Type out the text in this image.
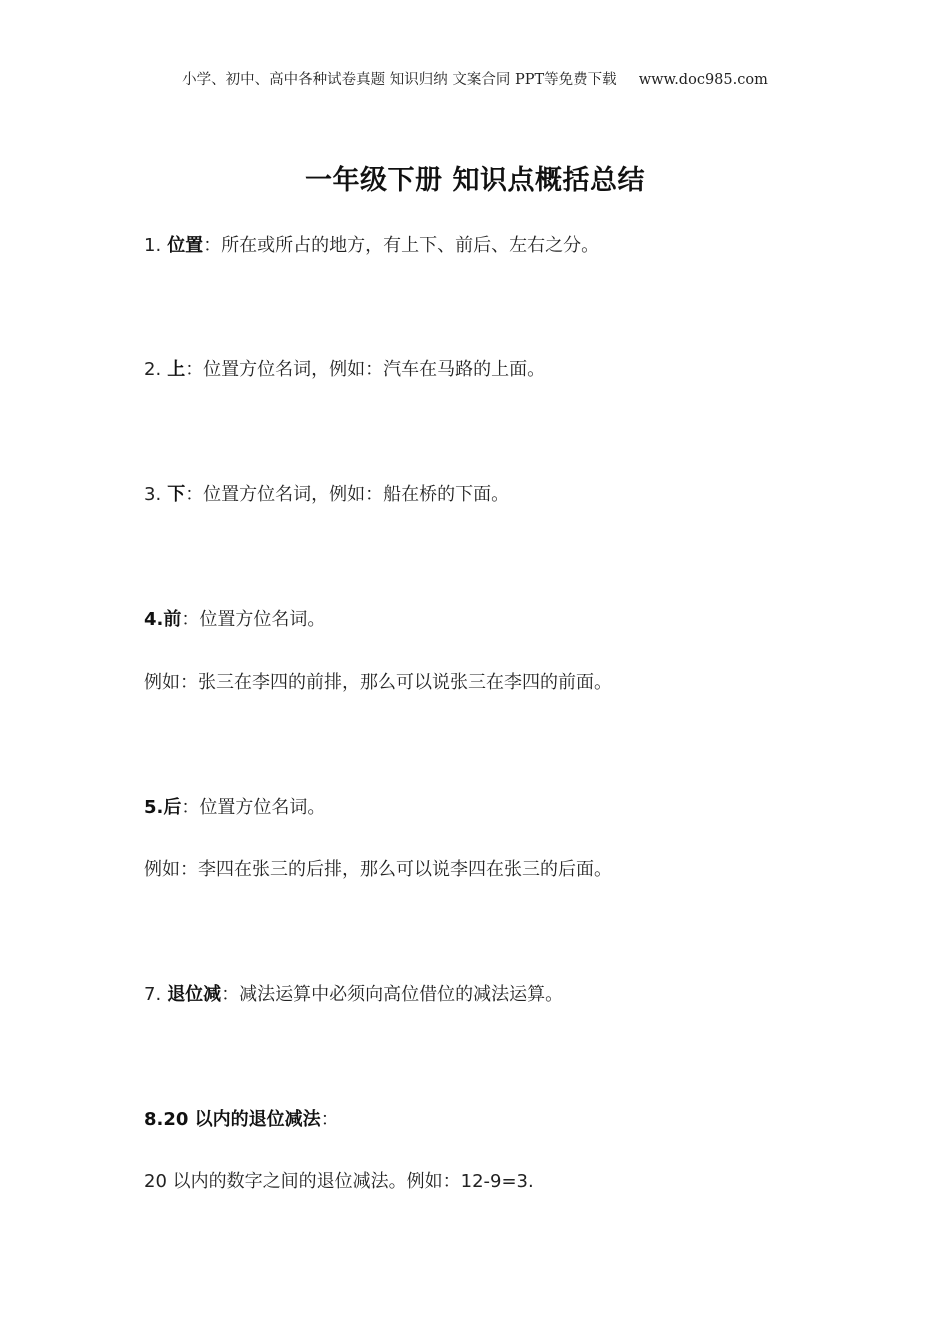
小学、初中、高中各种试卷真题 知识归纳 文案合同 PPT等免费下载 www.doc985.com
一年级下册 知识点概括总结
1. 位置：所在或所占的地方，有上下、前后、左右之分。
2. 上：位置方位名词，例如：汽车在马路的上面。
3. 下：位置方位名词，例如：船在桥的下面。
4.前：位置方位名词。
例如：张三在李四的前排，那么可以说张三在李四的前面。
5.后：位置方位名词。
例如：李四在张三的后排，那么可以说李四在张三的后面。
7. 退位减：减法运算中必须向高位借位的减法运算。
8.20 以内的退位减法：
20 以内的数字之间的退位减法。例如：12-9=3.
